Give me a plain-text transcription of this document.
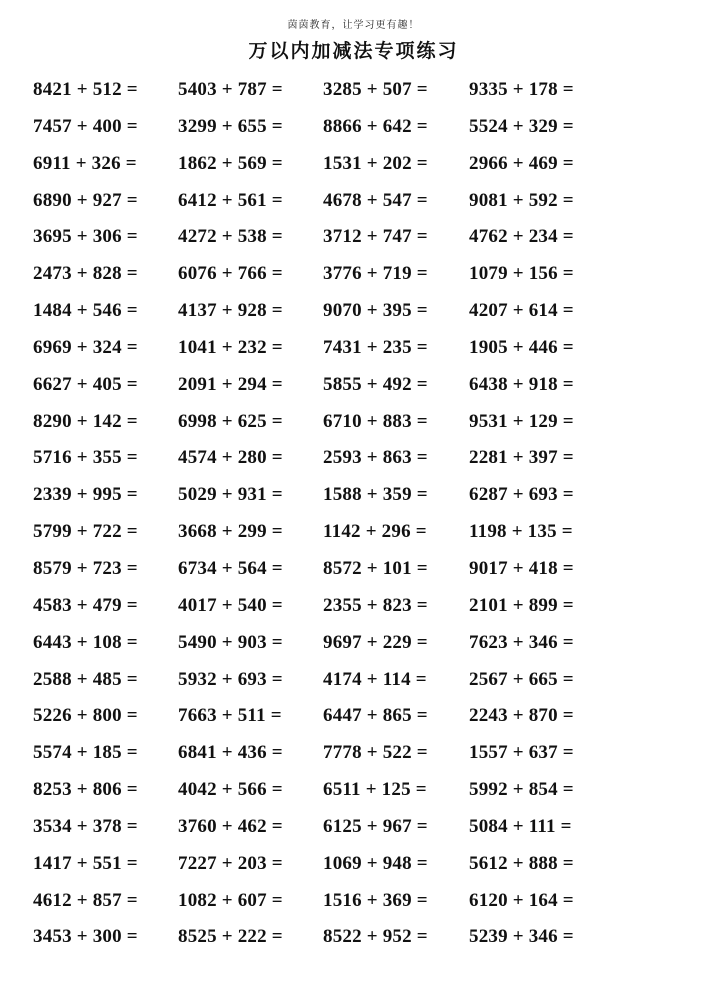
茵茵教育，让学习更有趣！
万以内加减法专项练习
8421 + 512 =	5403 + 787 =	3285 + 507 =	9335 + 178 =
7457 + 400 =	3299 + 655 =	8866 + 642 =	5524 + 329 =
6911 + 326 =	1862 + 569 =	1531 + 202 =	2966 + 469 =
6890 + 927 =	6412 + 561 =	4678 + 547 =	9081 + 592 =
3695 + 306 =	4272 + 538 =	3712 + 747 =	4762 + 234 =
2473 + 828 =	6076 + 766 =	3776 + 719 =	1079 + 156 =
1484 + 546 =	4137 + 928 =	9070 + 395 =	4207 + 614 =
6969 + 324 =	1041 + 232 =	7431 + 235 =	1905 + 446 =
6627 + 405 =	2091 + 294 =	5855 + 492 =	6438 + 918 =
8290 + 142 =	6998 + 625 =	6710 + 883 =	9531 + 129 =
5716 + 355 =	4574 + 280 =	2593 + 863 =	2281 + 397 =
2339 + 995 =	5029 + 931 =	1588 + 359 =	6287 + 693 =
5799 + 722 =	3668 + 299 =	1142 + 296 =	1198 + 135 =
8579 + 723 =	6734 + 564 =	8572 + 101 =	9017 + 418 =
4583 + 479 =	4017 + 540 =	2355 + 823 =	2101 + 899 =
6443 + 108 =	5490 + 903 =	9697 + 229 =	7623 + 346 =
2588 + 485 =	5932 + 693 =	4174 + 114 =	2567 + 665 =
5226 + 800 =	7663 + 511 =	6447 + 865 =	2243 + 870 =
5574 + 185 =	6841 + 436 =	7778 + 522 =	1557 + 637 =
8253 + 806 =	4042 + 566 =	6511 + 125 =	5992 + 854 =
3534 + 378 =	3760 + 462 =	6125 + 967 =	5084 + 111 =
1417 + 551 =	7227 + 203 =	1069 + 948 =	5612 + 888 =
4612 + 857 =	1082 + 607 =	1516 + 369 =	6120 + 164 =
3453 + 300 =	8525 + 222 =	8522 + 952 =	5239 + 346 =
